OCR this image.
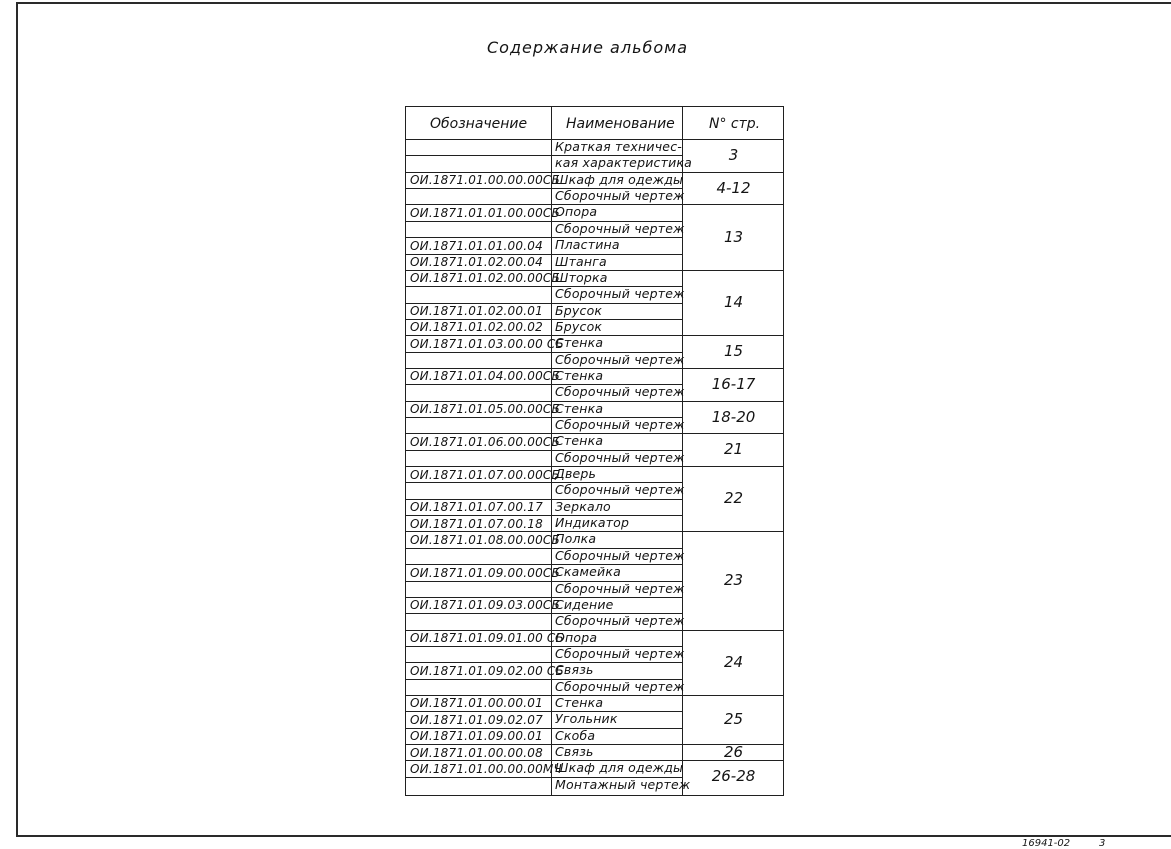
Содержание альбома
Обозначение	Наименование N° стр.
Краткая техничес-
кая характеристика
ОИ.1871.01.00.00.00СБ
Шкаф для одежды
Сборочный чертеж
ОИ.1871.01.01.00.00СБ
Опора
Сборочный чертеж
ОИ.1871.01.01.00.04 Пластина
ОИ.1871.01.02.00.04 Штанга
ОИ.1871.01.02.00.00СБ
Шторка
Сборочный чертеж
ОИ.1871.01.02.00.01 Брусок
ОИ.1871.01.02.00.02 Брусок
ОИ.1871.01.03.00.00 СБ
Стенка
Сборочный чертеж
ОИ.1871.01.04.00.00СБ
Стенка
Сборочный чертеж
ОИ.1871.01.05.00.00СБ
Стенка
Сборочный чертеж
ОИ.1871.01.06.00.00СБ
Стенка
Сборочный чертеж
ОИ.1871.01.07.00.00СБ
Дверь
Сборочный чертеж
ОИ.1871.01.07.00.17 Зеркало
ОИ.1871.01.07.00.18 Индикатор
ОИ.1871.01.08.00.00СБ
Полка
Сборочный чертеж
ОИ.1871.01.09.00.00СБ
Скамейка
Сборочный чертеж
ОИ.1871.01.09.03.00СБ
Сидение
Сборочный чертеж
ОИ.1871.01.09.01.00 СБ
Опора
Сборочный чертеж
ОИ.1871.01.09.02.00 СБ
Связь
Сборочный чертеж
ОИ.1871.01.00.00.01 Стенка
ОИ.1871.01.09.02.07 Угольник
ОИ.1871.01.09.00.01 Скоба
ОИ.1871.01.00.00.08 Связь
ОИ.1871.01.00.00.00МЧ
Шкаф для одежды
Монтажный чертеж
3
4-12
13
14
15
16-17
18-20
21
22
23
24
25
26
26-28
16941-02	3
